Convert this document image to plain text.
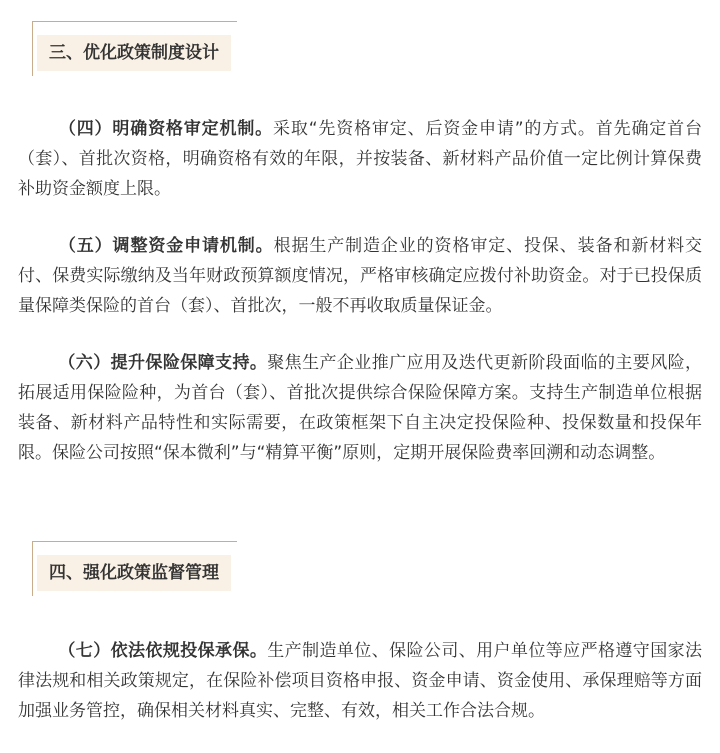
三、优化政策制度设计

（四）明确资格审定机制。采取“先资格审定、后资金申请”的方式。首先确定首台（套）、首批次资格，明确资格有效的年限，并按装备、新材料产品价值一定比例计算保费补助资金额度上限。

（五）调整资金申请机制。根据生产制造企业的资格审定、投保、装备和新材料交付、保费实际缴纳及当年财政预算额度情况，严格审核确定应拨付补助资金。对于已投保质量保障类保险的首台（套）、首批次，一般不再收取质量保证金。

（六）提升保险保障支持。聚焦生产企业推广应用及迭代更新阶段面临的主要风险，拓展适用保险险种，为首台（套）、首批次提供综合保险保障方案。支持生产制造单位根据装备、新材料产品特性和实际需要，在政策框架下自主决定投保险种、投保数量和投保年限。保险公司按照“保本微利”与“精算平衡”原则，定期开展保险费率回溯和动态调整。

四、强化政策监督管理

（七）依法依规投保承保。生产制造单位、保险公司、用户单位等应严格遵守国家法律法规和相关政策规定，在保险补偿项目资格申报、资金申请、资金使用、承保理赔等方面加强业务管控，确保相关材料真实、完整、有效，相关工作合法合规。
